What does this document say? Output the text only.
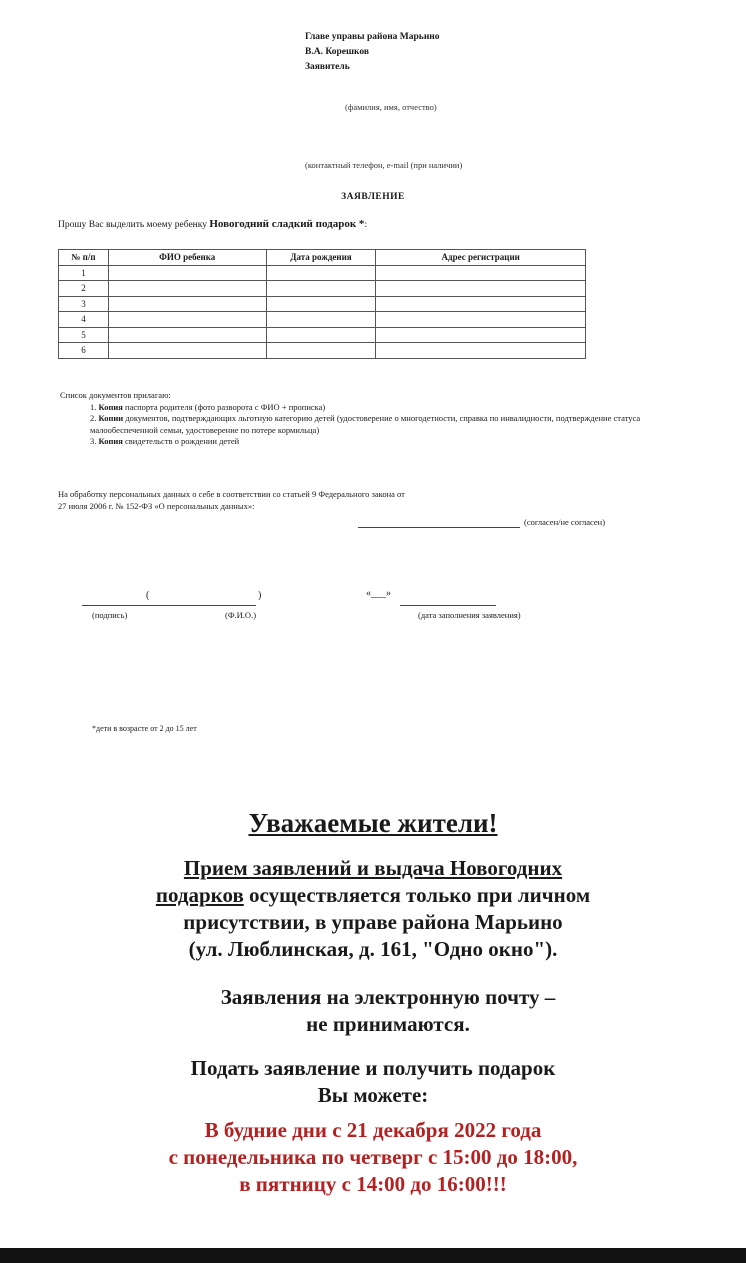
Главе управы района Марьино
В.А. Корешков
Заявитель
(фамилия, имя, отчество)
(контактный телефон, e-mail (при наличии)
ЗАЯВЛЕНИЕ
Прошу Вас выделить моему ребенку Новогодний сладкий подарок *:
№ п/п	ФИО ребенка	Дата рождения	Адрес регистрации
1			
2			
3			
4			
5			
6			
Список документов прилагаю:
1. Копия паспорта родителя (фото разворота с ФИО + прописка)
2. Копии документов, подтверждающих льготную категорию детей (удостоверение о многодетности, справка по инвалидности, подтверждение статуса малообеспеченной семьи, удостоверение по потере кормильца)
3. Копия свидетельств о рождении детей
На обработку персональных данных о себе в соответствии со статьей 9 Федерального закона от
27 июля 2006 г. № 152-ФЗ «О персональных данных»:
(согласен/не согласен)
(	)	«___»
(подпись)	(Ф.И.О.)	(дата заполнения заявления)
*дети в возрасте от 2 до 15 лет
Уважаемые жители!
Прием заявлений и выдача Новогодних
подарков осуществляется только при личном
присутствии, в управе района Марьино
(ул. Люблинская, д. 161, "Одно окно").
Заявления на электронную почту –
не принимаются.
Подать заявление и получить подарок
Вы можете:
В будние дни с 21 декабря 2022 года
с понедельника по четверг с 15:00 до 18:00,
в пятницу с 14:00 до 16:00!!!
